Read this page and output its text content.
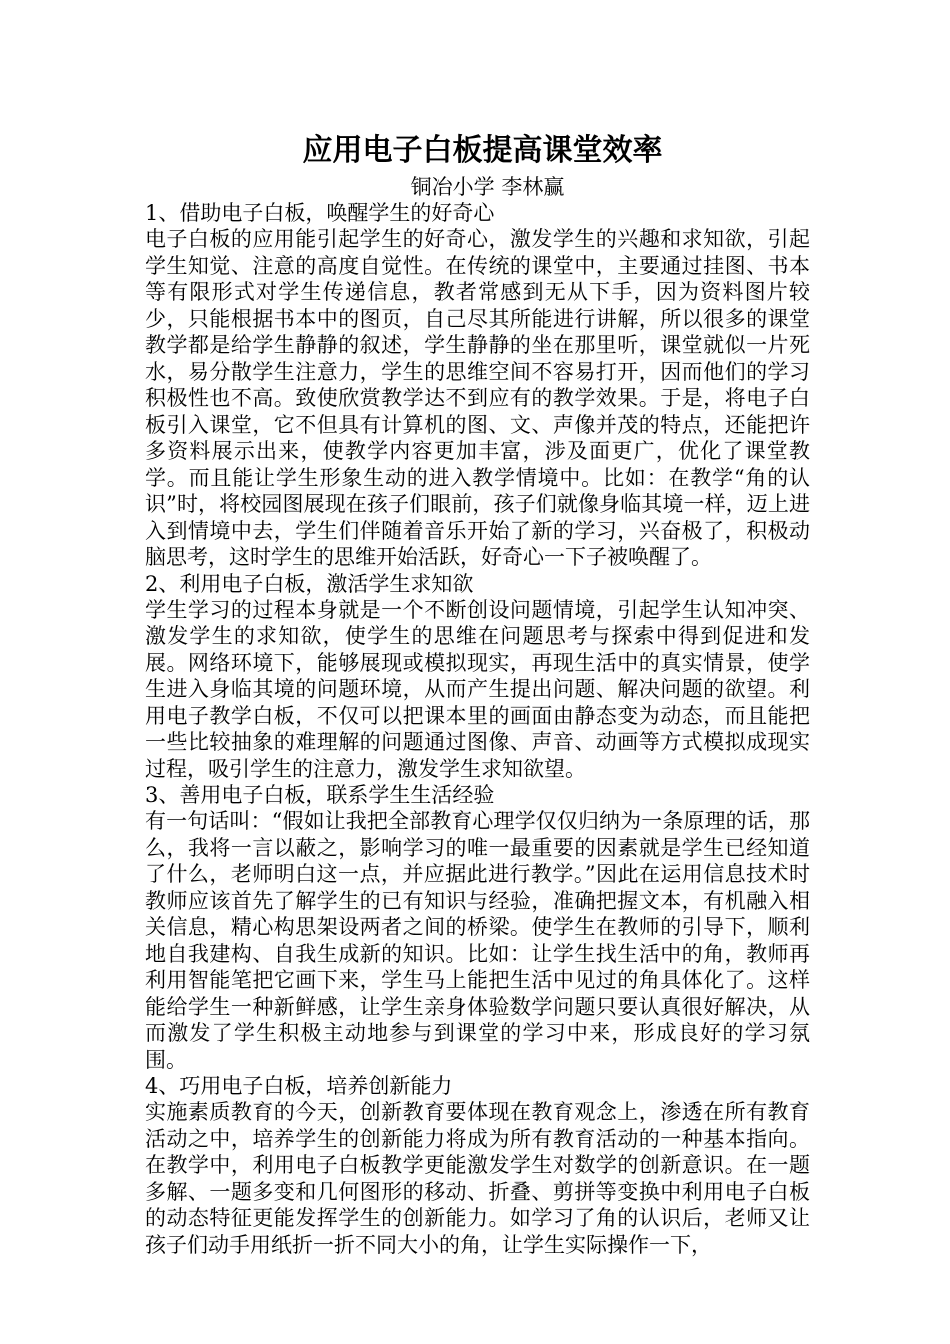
应用电子白板提高课堂效率

铜冶小学 李林赢

1、借助电子白板，唤醒学生的好奇心

电子白板的应用能引起学生的好奇心，激发学生的兴趣和求知欲，引起学生知觉、注意的高度自觉性。在传统的课堂中，主要通过挂图、书本等有限形式对学生传递信息，教者常感到无从下手，因为资料图片较少，只能根据书本中的图页，自己尽其所能进行讲解，所以很多的课堂教学都是给学生静静的叙述，学生静静的坐在那里听，课堂就似一片死水，易分散学生注意力，学生的思维空间不容易打开，因而他们的学习积极性也不高。致使欣赏教学达不到应有的教学效果。于是，将电子白板引入课堂，它不但具有计算机的图、文、声像并茂的特点，还能把许多资料展示出来，使教学内容更加丰富，涉及面更广，优化了课堂教学。而且能让学生形象生动的进入教学情境中。比如：在教学“角的认识”时，将校园图展现在孩子们眼前，孩子们就像身临其境一样，迈上进入到情境中去，学生们伴随着音乐开始了新的学习，兴奋极了，积极动脑思考，这时学生的思维开始活跃，好奇心一下子被唤醒了。

2、利用电子白板，激活学生求知欲

学生学习的过程本身就是一个不断创设问题情境，引起学生认知冲突、激发学生的求知欲，使学生的思维在问题思考与探索中得到促进和发展。网络环境下，能够展现或模拟现实，再现生活中的真实情景，使学生进入身临其境的问题环境，从而产生提出问题、解决问题的欲望。利用电子教学白板，不仅可以把课本里的画面由静态变为动态，而且能把一些比较抽象的难理解的问题通过图像、声音、动画等方式模拟成现实过程，吸引学生的注意力，激发学生求知欲望。

3、善用电子白板，联系学生生活经验

有一句话叫：“假如让我把全部教育心理学仅仅归纳为一条原理的话，那么，我将一言以蔽之，影响学习的唯一最重要的因素就是学生已经知道了什么，老师明白这一点，并应据此进行教学。”因此在运用信息技术时教师应该首先了解学生的已有知识与经验，准确把握文本，有机融入相关信息，精心构思架设两者之间的桥梁。使学生在教师的引导下，顺利地自我建构、自我生成新的知识。比如：让学生找生活中的角，教师再利用智能笔把它画下来，学生马上能把生活中见过的角具体化了。这样能给学生一种新鲜感，让学生亲身体验数学问题只要认真很好解决，从而激发了学生积极主动地参与到课堂的学习中来，形成良好的学习氛围。

4、巧用电子白板，培养创新能力

实施素质教育的今天，创新教育要体现在教育观念上，渗透在所有教育活动之中，培养学生的创新能力将成为所有教育活动的一种基本指向。在教学中，利用电子白板教学更能激发学生对数学的创新意识。在一题多解、一题多变和几何图形的移动、折叠、剪拼等变换中利用电子白板的动态特征更能发挥学生的创新能力。如学习了角的认识后，老师又让孩子们动手用纸折一折不同大小的角，让学生实际操作一下，
